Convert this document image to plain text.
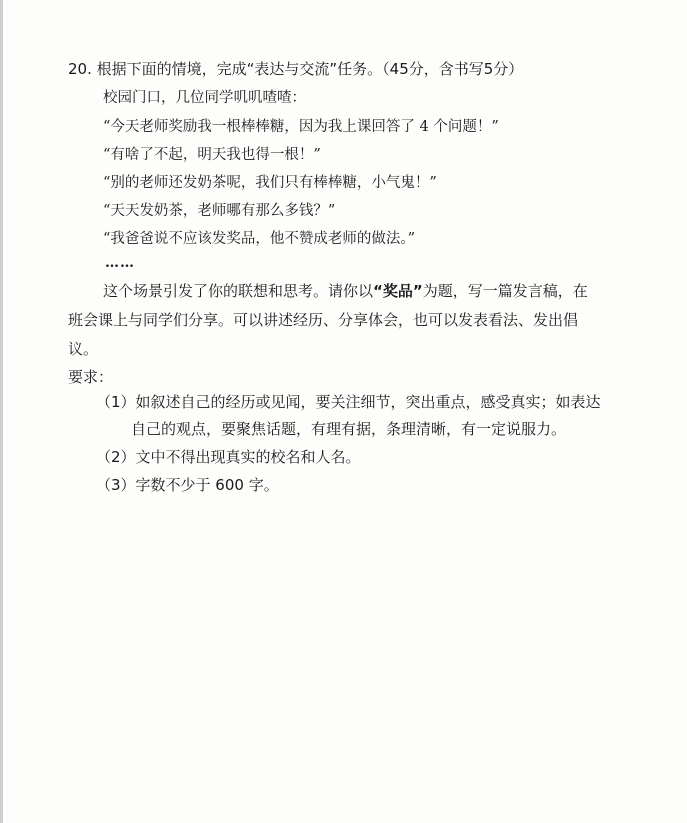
20. 根据下面的情境，完成“表达与交流”任务。（45分，含书写5分）
校园门口，几位同学叽叽喳喳：
“今天老师奖励我一根棒棒糖，因为我上课回答了 4 个问题！”
“有啥了不起，明天我也得一根！”
“别的老师还发奶茶呢，我们只有棒棒糖，小气鬼！”
“天天发奶茶，老师哪有那么多钱？”
“我爸爸说不应该发奖品，他不赞成老师的做法。”
……
这个场景引发了你的联想和思考。请你以“奖品”为题，写一篇发言稿，在
班会课上与同学们分享。可以讲述经历、分享体会，也可以发表看法、发出倡
议。
要求：
（1）如叙述自己的经历或见闻，要关注细节，突出重点，感受真实；如表达
自己的观点，要聚焦话题，有理有据，条理清晰，有一定说服力。
（2）文中不得出现真实的校名和人名。
（3）字数不少于 600 字。
